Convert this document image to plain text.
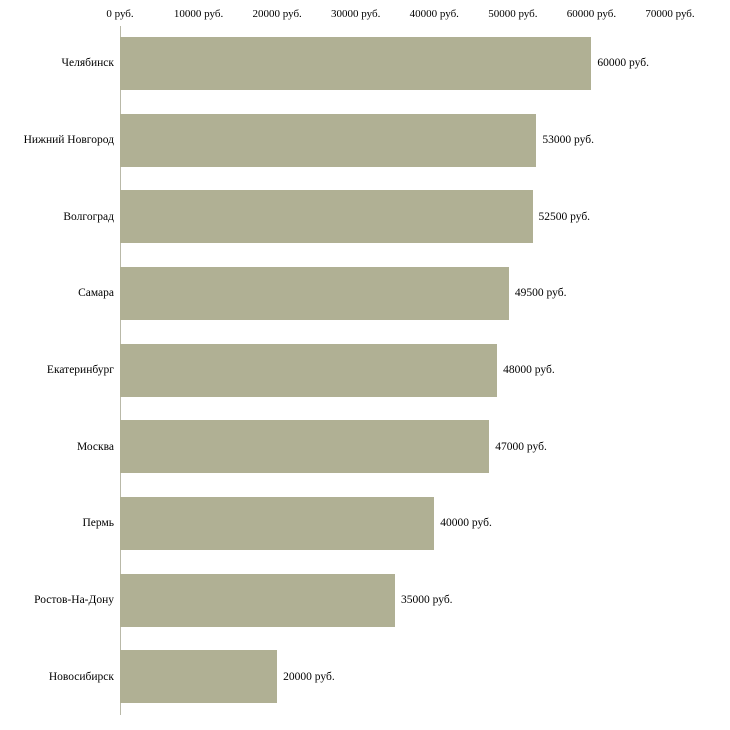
0 руб.	10000 руб.	20000 руб.	30000 руб.	40000 руб.	50000 руб.	60000 руб.	70000 руб.
60000 руб.
53000 руб.
52500 руб.
49500 руб.
48000 руб.
47000 руб.
40000 руб.
35000 руб.
20000 руб.
Челябинск
Нижний Новгород
Волгоград
Самара
Екатеринбург
Москва
Пермь
Ростов-На-Дону
Новосибирск
